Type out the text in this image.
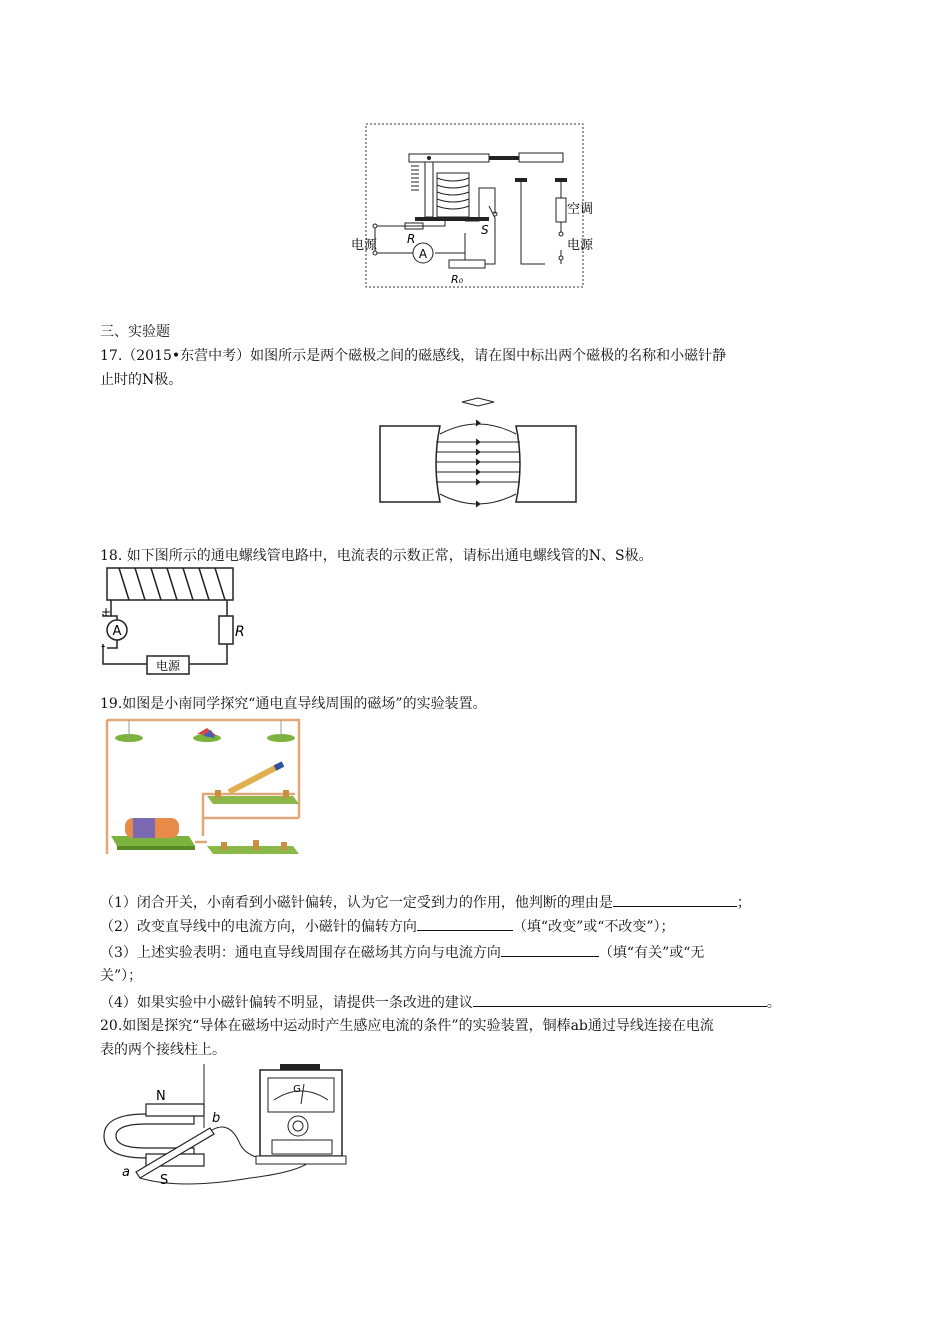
A
R
S
R₀
电源
空调
电源
三、实验题
17.（2015•东营中考）如图所示是两个磁极之间的磁感线，请在图中标出两个磁极的名称和小磁针静
止时的N极。
18. 如下图所示的通电螺线管电路中，电流表的示数正常，请标出通电螺线管的N、S极。
+
-
A	R
电源
19.如图是小南同学探究“通电直导线周围的磁场”的实验装置。
（1）闭合开关，小南看到小磁针偏转，认为它一定受到力的作用，他判断的理由是	；
（2）改变直导线中的电流方向，小磁针的偏转方向	（填“改变”或“不改变”）；
（3）上述实验表明：通电直导线周围存在磁场其方向与电流方向	（填“有关”或“无
关”）；
（4）如果实验中小磁针偏转不明显，请提供一条改进的建议	。
20.如图是探究“导体在磁场中运动时产生感应电流的条件”的实验装置，铜棒ab通过导线连接在电流
表的两个接线柱上。
N
S
a
b
G
